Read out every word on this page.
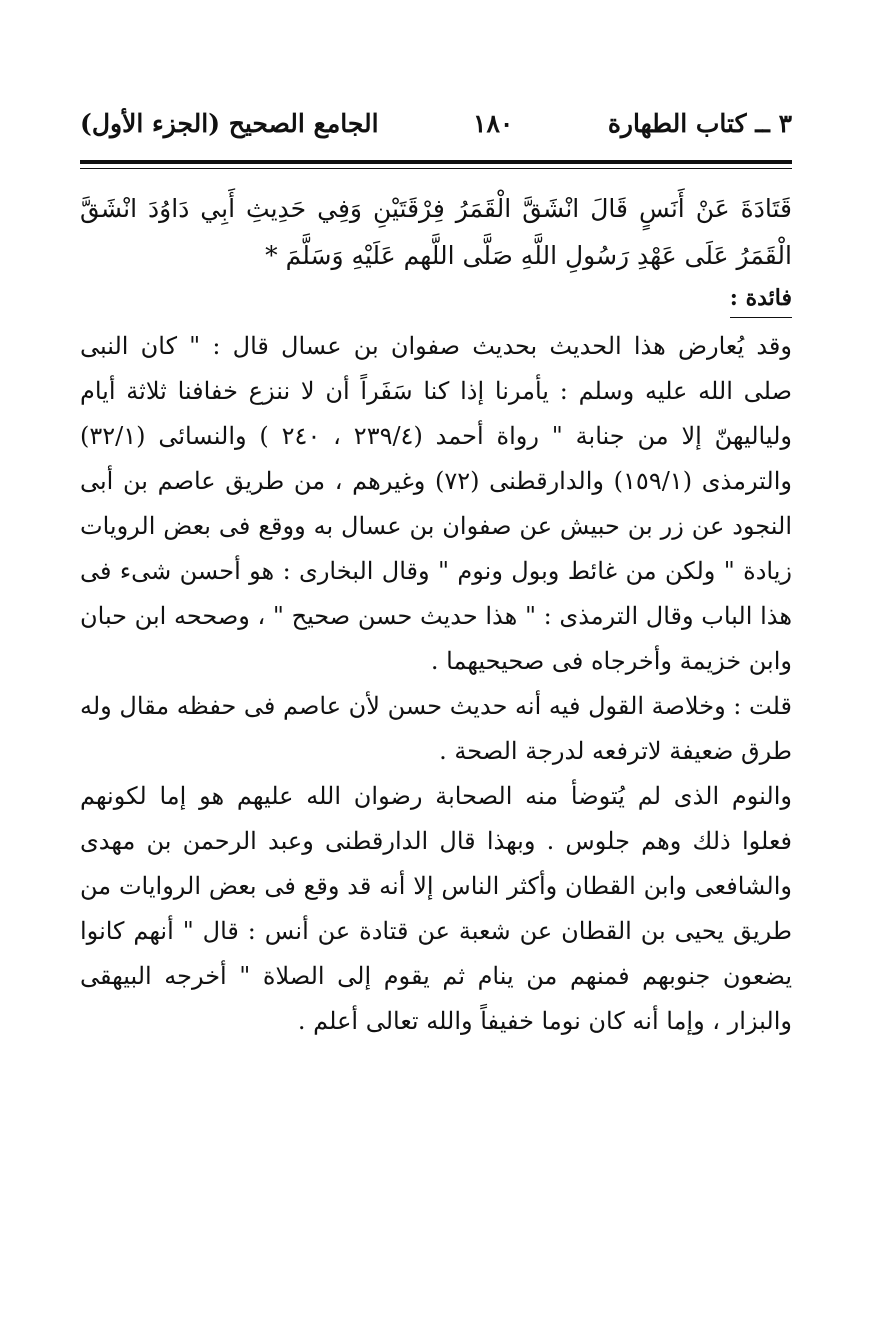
٣ ــ كتاب الطهارة
١٨٠
الجامع الصحيح (الجزء الأول)
قَتَادَةَ عَنْ أَنَسٍ قَالَ انْشَقَّ الْقَمَرُ فِرْقَتَيْنِ وَفِي حَدِيثِ أَبِي دَاوُدَ انْشَقَّ الْقَمَرُ عَلَى عَهْدِ رَسُولِ اللَّهِ صَلَّى اللَّهم عَلَيْهِ وَسَلَّمَ *
فائدة :

وقد يُعارض هذا الحديث بحديث صفوان بن عسال قال : " كان النبى صلى الله عليه وسلم : يأمرنا إذا كنا سَفَراً أن لا ننزع خفافنا ثلاثة أيام ولياليهنّ إلا من جنابة " رواة أحمد (٢٣٩/٤ ، ٢٤٠ ) والنسائى (٣٢/١) والترمذى (١٥٩/١) والدارقطنى (٧٢) وغيرهم ، من طريق عاصم بن أبى النجود عن زر بن حبيش عن صفوان بن عسال به ووقع فى بعض الرويات زيادة " ولكن من غائط وبول ونوم " وقال البخارى : هو أحسن شىء فى هذا الباب وقال الترمذى : " هذا حديث حسن صحيح " ، وصححه ابن حبان وابن خزيمة وأخرجاه فى صحيحيهما .

قلت : وخلاصة القول فيه أنه حديث حسن لأن عاصم فى حفظه مقال وله طرق ضعيفة لاترفعه لدرجة الصحة .

والنوم الذى لم يُتوضأ منه الصحابة رضوان الله عليهم هو إما لكونهم فعلوا ذلك وهم جلوس . وبهذا قال الدارقطنى وعبد الرحمن بن مهدى والشافعى وابن القطان وأكثر الناس إلا أنه قد وقع فى بعض الروايات من طريق يحيى بن القطان عن شعبة عن قتادة عن أنس : قال " أنهم كانوا يضعون جنوبهم فمنهم من ينام ثم يقوم إلى الصلاة " أخرجه البيهقى والبزار ، وإما أنه كان نوما خفيفاً والله تعالى أعلم .
